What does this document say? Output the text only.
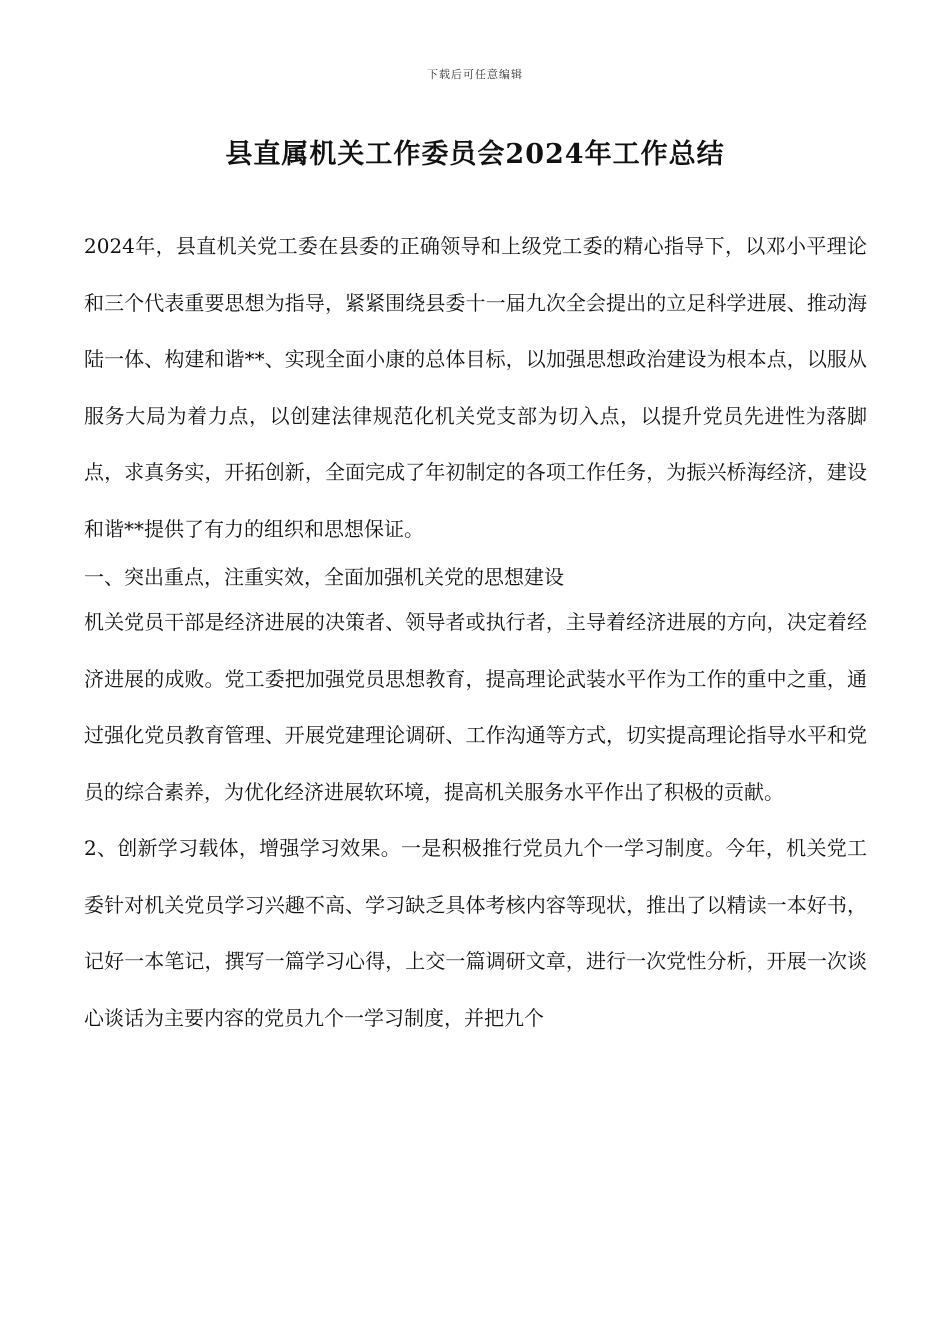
下载后可任意编辑
县直属机关工作委员会2024年工作总结

2024年，县直机关党工委在县委的正确领导和上级党工委的精心指导下，以邓小平理论和三个代表重要思想为指导，紧紧围绕县委十一届九次全会提出的立足科学进展、推动海陆一体、构建和谐**、实现全面小康的总体目标，以加强思想政治建设为根本点，以服从服务大局为着力点，以创建法律规范化机关党支部为切入点，以提升党员先进性为落脚点，求真务实，开拓创新，全面完成了年初制定的各项工作任务，为振兴桥海经济，建设和谐**提供了有力的组织和思想保证。

一、突出重点，注重实效，全面加强机关党的思想建设

机关党员干部是经济进展的决策者、领导者或执行者，主导着经济进展的方向，决定着经济进展的成败。党工委把加强党员思想教育，提高理论武装水平作为工作的重中之重，通过强化党员教育管理、开展党建理论调研、工作沟通等方式，切实提高理论指导水平和党员的综合素养，为优化经济进展软环境，提高机关服务水平作出了积极的贡献。

2、创新学习载体，增强学习效果。一是积极推行党员九个一学习制度。今年，机关党工委针对机关党员学习兴趣不高、学习缺乏具体考核内容等现状，推出了以精读一本好书，记好一本笔记，撰写一篇学习心得，上交一篇调研文章，进行一次党性分析，开展一次谈心谈话为主要内容的党员九个一学习制度，并把九个
